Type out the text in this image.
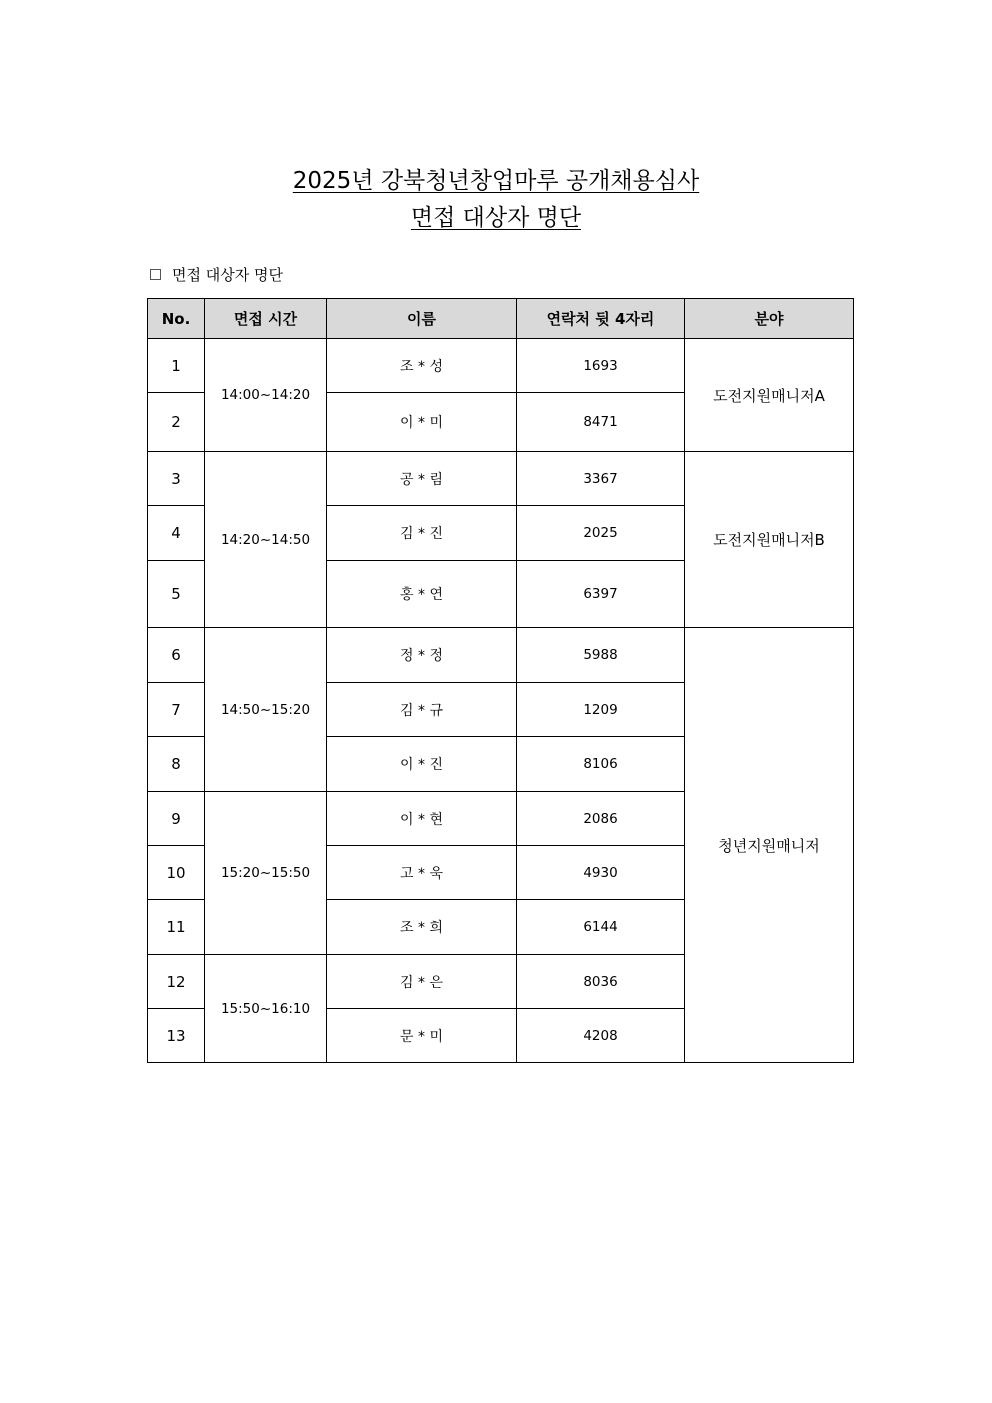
2025년 강북청년창업마루 공개채용심사
면접 대상자 명단
면접 대상자 명단
No.	면접 시간	이름	연락처 뒷 4자리	분야
1	14:00~14:20	조 * 성	1693	도전지원매니저A
2		이 * 미	8471	
3	14:20~14:50	공 * 림	3367	도전지원매니저B
4		김 * 진	2025	
5		홍 * 연	6397	
6	14:50~15:20	정 * 정	5988	청년지원매니저
7		김 * 규	1209	
8		이 * 진	8106	
9	15:20~15:50	이 * 현	2086	
10		고 * 욱	4930	
11		조 * 희	6144	
12	15:50~16:10	김 * 은	8036	
13		문 * 미	4208	
